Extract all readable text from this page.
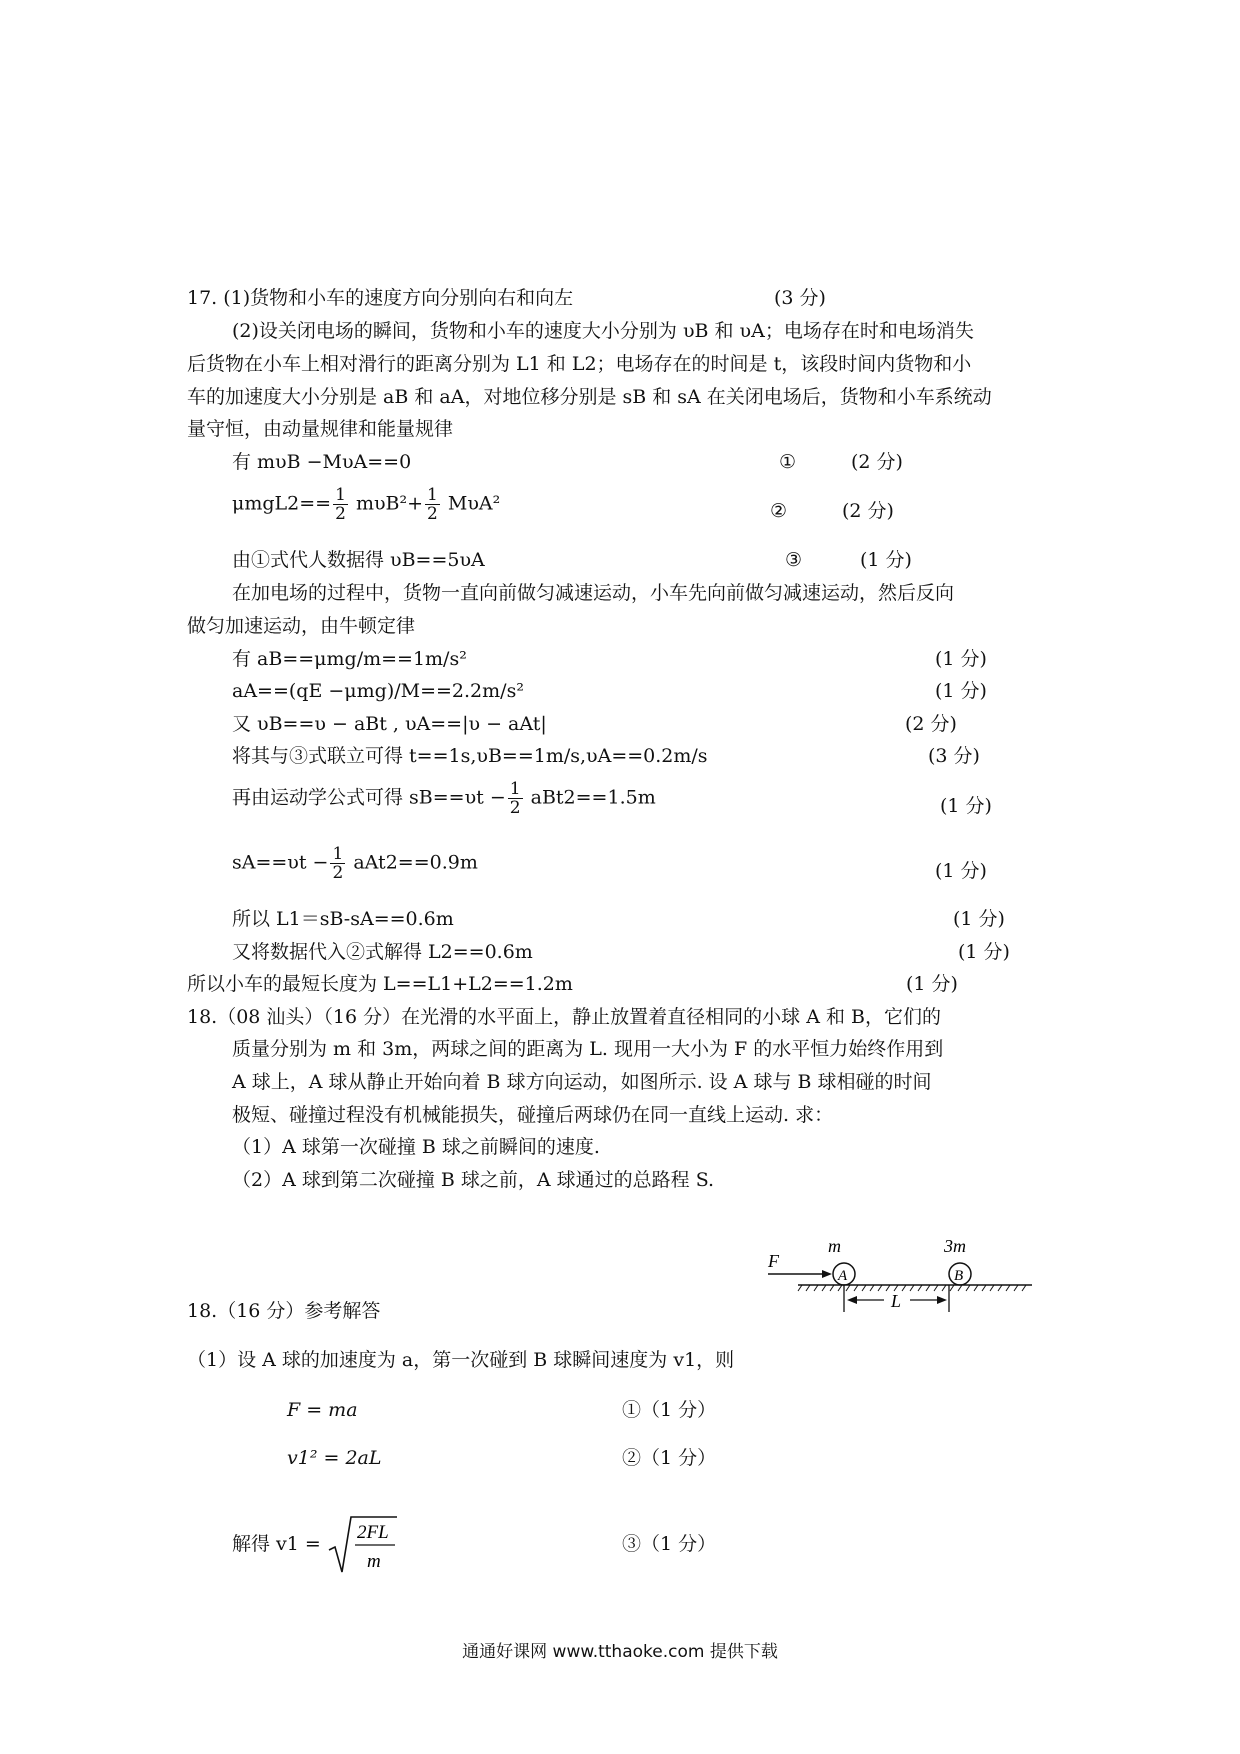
17. (1)货物和小车的速度方向分别向右和向左	(3 分)
(2)设关闭电场的瞬间，货物和小车的速度大小分别为 υB 和 υA；电场存在时和电场消失
后货物在小车上相对滑行的距离分别为 L1 和 L2；电场存在的时间是 t，该段时间内货物和小
车的加速度大小分别是 aB 和 aA，对地位移分别是 sB 和 sA 在关闭电场后，货物和小车系统动
量守恒，由动量规律和能量规律
有 mυB −MυA==0	①	(2 分)
$\mu mgL2== \frac{1}{2} m\upsilon B^2+ \frac{1}{2} M\upsilon A^2$	②	(2 分)
由①式代人数据得 υB==5υA	③	(1 分)
在加电场的过程中，货物一直向前做匀减速运动，小车先向前做匀减速运动，然后反向
做匀加速运动，由牛顿定律
有 aB==μmg/m==1m/s²	(1 分)
aA==(qE −μmg)/M==2.2m/s²	(1 分)
又 υB==υ − aBt , υA==|υ − aAt|	(2 分)
将其与③式联立可得 t==1s,υB==1m/s,υA==0.2m/s	(3 分)
再由运动学公式可得 $sB==\upsilon t - \frac{1}{2} aBt2==1.5m$	(1 分)
$sA==\upsilon t - \frac{1}{2} aAt2==0.9m$	(1 分)
所以 L1＝sB-sA==0.6m	(1 分)
又将数据代入②式解得 L2==0.6m	(1 分)
所以小车的最短长度为 L==L1+L2==1.2m	(1 分)
18.（08 汕头）（16 分）在光滑的水平面上，静止放置着直径相同的小球 A 和 B，它们的
质量分别为 m 和 3m，两球之间的距离为 L. 现用一大小为 F 的水平恒力始终作用到
A 球上，A 球从静止开始向着 B 球方向运动，如图所示. 设 A 球与 B 球相碰的时间
极短、碰撞过程没有机械能损失，碰撞后两球仍在同一直线上运动. 求：
（1）A 球第一次碰撞 B 球之前瞬间的速度.
（2）A 球到第二次碰撞 B 球之前，A 球通过的总路程 S.
F
m
A
3m
B
L
18.（16 分）参考解答
（1）设 A 球的加速度为 a，第一次碰到 B 球瞬间速度为 v1，则
F = ma	①（1 分）
v1² = 2aL	②（1 分）
解得 v1 =
2FL
m
③（1 分）
通通好课网 www.tthaoke.com 提供下载
